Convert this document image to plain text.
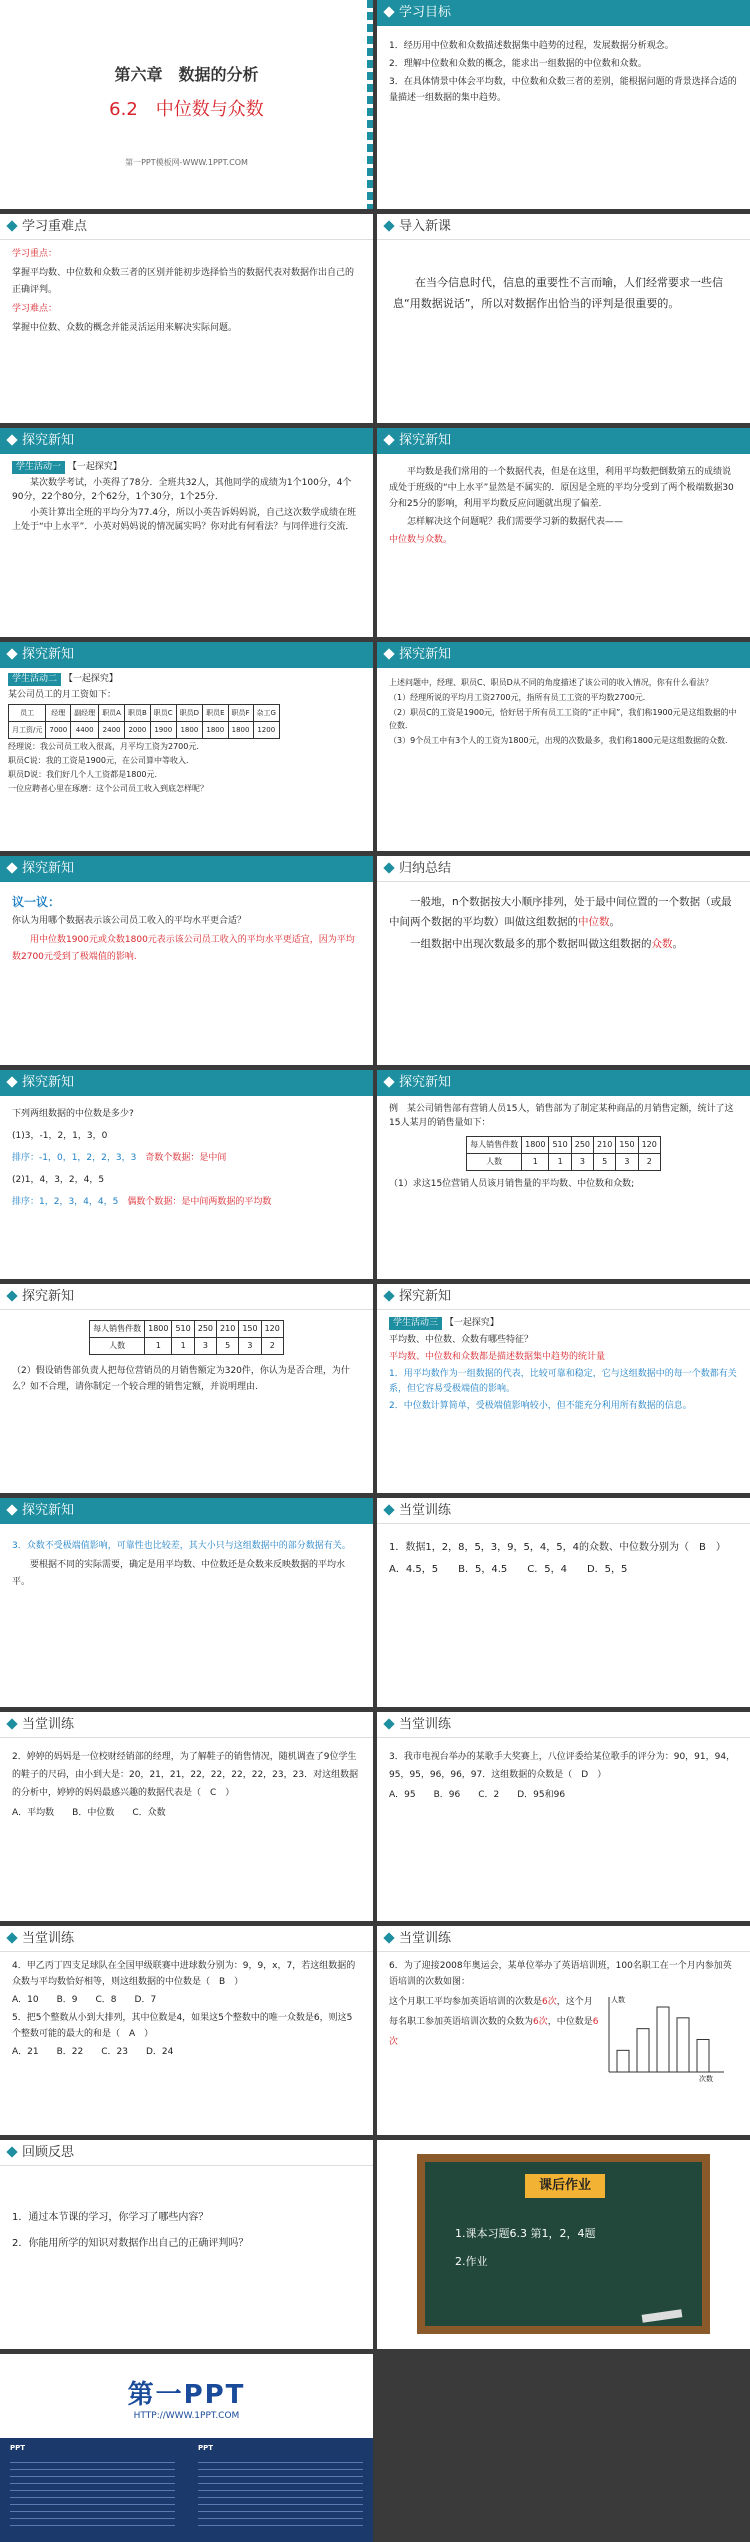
第六章　数据的分析
6.2　中位数与众数
第一PPT模板网-WWW.1PPT.COM
学习目标

1．经历用中位数和众数描述数据集中趋势的过程，发展数据分析观念。

2．理解中位数和众数的概念，能求出一组数据的中位数和众数。

3．在具体情景中体会平均数，中位数和众数三者的差别，能根据问题的背景选择合适的量描述一组数据的集中趋势。

学习重难点

学习重点：

掌握平均数、中位数和众数三者的区别并能初步选择恰当的数据代表对数据作出自己的正确评判。

学习难点：

掌握中位数、众数的概念并能灵活运用来解决实际问题。

导入新课

在当今信息时代，信息的重要性不言而喻，人们经常要求一些信息“用数据说话”，所以对数据作出恰当的评判是很重要的。

探究新知

学生活动一 【一起探究】

某次数学考试，小英得了78分．全班共32人，其他同学的成绩为1个100分，4个90分，22个80分，2个62分，1个30分，1个25分．

小英计算出全班的平均分为77.4分，所以小英告诉妈妈说，自己这次数学成绩在班上处于“中上水平”．小英对妈妈说的情况属实吗？你对此有何看法？与同伴进行交流．

探究新知

平均数是我们常用的一个数据代表，但是在这里，利用平均数把倒数第五的成绩说成处于班级的“中上水平”显然是不属实的．原因是全班的平均分受到了两个极端数据30分和25分的影响，利用平均数反应问题就出现了偏差．

怎样解决这个问题呢？我们需要学习新的数据代表——

中位数与众数。

探究新知

学生活动二 【一起探究】

某公司员工的月工资如下：

员工	经理	副经理	职员A	职员B	职员C	职员D	职员E	职员F	杂工G
月工资/元	7000	4400	2400	2000	1900	1800	1800	1800	1200

经理说：我公司员工收入很高，月平均工资为2700元．

职员C说：我的工资是1900元，在公司算中等收入．

职员D说：我们好几个人工资都是1800元．

一位应聘者心里在琢磨：这个公司员工收入到底怎样呢？

探究新知

上述问题中，经理、职员C、职员D从不同的角度描述了该公司的收入情况，你有什么看法？

（1）经理所说的平均月工资2700元，指所有员工工资的平均数2700元．

（2）职员C的工资是1900元，恰好居于所有员工工资的“正中间”，我们称1900元是这组数据的中位数．

（3）9个员工中有3个人的工资为1800元，出现的次数最多，我们称1800元是这组数据的众数．

探究新知

议一议：

你认为用哪个数据表示该公司员工收入的平均水平更合适？

用中位数1900元或众数1800元表示该公司员工收入的平均水平更适宜，因为平均数2700元受到了极端值的影响.

归纳总结

一般地，n个数据按大小顺序排列，处于最中间位置的一个数据（或最中间两个数据的平均数）叫做这组数据的中位数。

一组数据中出现次数最多的那个数据叫做这组数据的众数。

探究新知

下列两组数据的中位数是多少?

(1)3，-1，2，1，3，0

排序：-1，0，1，2，2，3，3　 奇数个数据：是中间

(2)1，4，3，2，4，5

排序：1，2，3，4，4，5　 偶数个数据：是中间两数据的平均数

探究新知

例　某公司销售部有营销人员15人，销售部为了制定某种商品的月销售定额，统计了这15人某月的销售量如下：

每人销售件数	1800	510	250	210	150	120
人数	1	1	3	5	3	2

（1）求这15位营销人员该月销售量的平均数、中位数和众数;

探究新知
每人销售件数	1800	510	250	210	150	120
人数	1	1	3	5	3	2

（2）假设销售部负责人把每位营销员的月销售额定为320件，你认为是否合理，为什么？如不合理，请你制定一个较合理的销售定额，并说明理由.

探究新知

学生活动三 【一起探究】

平均数、中位数、众数有哪些特征？

平均数、中位数和众数都是描述数据集中趋势的统计量

1．用平均数作为一组数据的代表，比较可靠和稳定，它与这组数据中的每一个数都有关系，但它容易受极端值的影响。

2．中位数计算简单，受极端值影响较小，但不能充分利用所有数据的信息。

探究新知

3．众数不受极端值影响，可靠性也比较差，其大小只与这组数据中的部分数据有关。

要根据不同的实际需要，确定是用平均数、中位数还是众数来反映数据的平均水平。

当堂训练

1．数据1，2，8，5，3，9，5，4，5，4的众数、中位数分别为（　B　）

A．4.5，5　　B．5，4.5　　C．5，4　　D．5，5

当堂训练

2．婷婷的妈妈是一位校财经销部的经理，为了解鞋子的销售情况，随机调查了9位学生的鞋子的尺码，由小到大是：20，21，21，22，22，22，22，23，23．对这组数据的分析中，婷婷的妈妈最感兴趣的数据代表是（　C　）

A．平均数　　B．中位数　　C．众数

当堂训练

3．我市电视台举办的某歌手大奖赛上，八位评委给某位歌手的评分为：90，91，94，95，95，96，96，97．这组数据的众数是（　D　）

A．95　　B．96　　C．2　　D．95和96

当堂训练

4．甲乙丙丁四支足球队在全国甲级联赛中进球数分别为：9，9，x，7，若这组数据的众数与平均数恰好相等，则这组数据的中位数是（　B　）

A．10　　B．9　　C．8　　D．7

5．把5个整数从小到大排列，其中位数是4，如果这5个整数中的唯一众数是6，则这5个整数可能的最大的和是（　A　）

A．21　　B．22　　C．23　　D．24

当堂训练

6．为了迎接2008年奥运会，某单位举办了英语培训班，100名职工在一个月内参加英语培训的次数如图：

这个月职工平均参加英语培训的次数是6次，这个月每名职工参加英语培训次数的众数为6次，中位数是6次

人数
次数
回顾反思

1．通过本节课的学习，你学习了哪些内容？

2．你能用所学的知识对数据作出自己的正确评判吗？

课后作业

1.课本习题6.3 第1，2，4题

2.作业

第一PPT
HTTP://WWW.1PPT.COM
PPT	PPT
